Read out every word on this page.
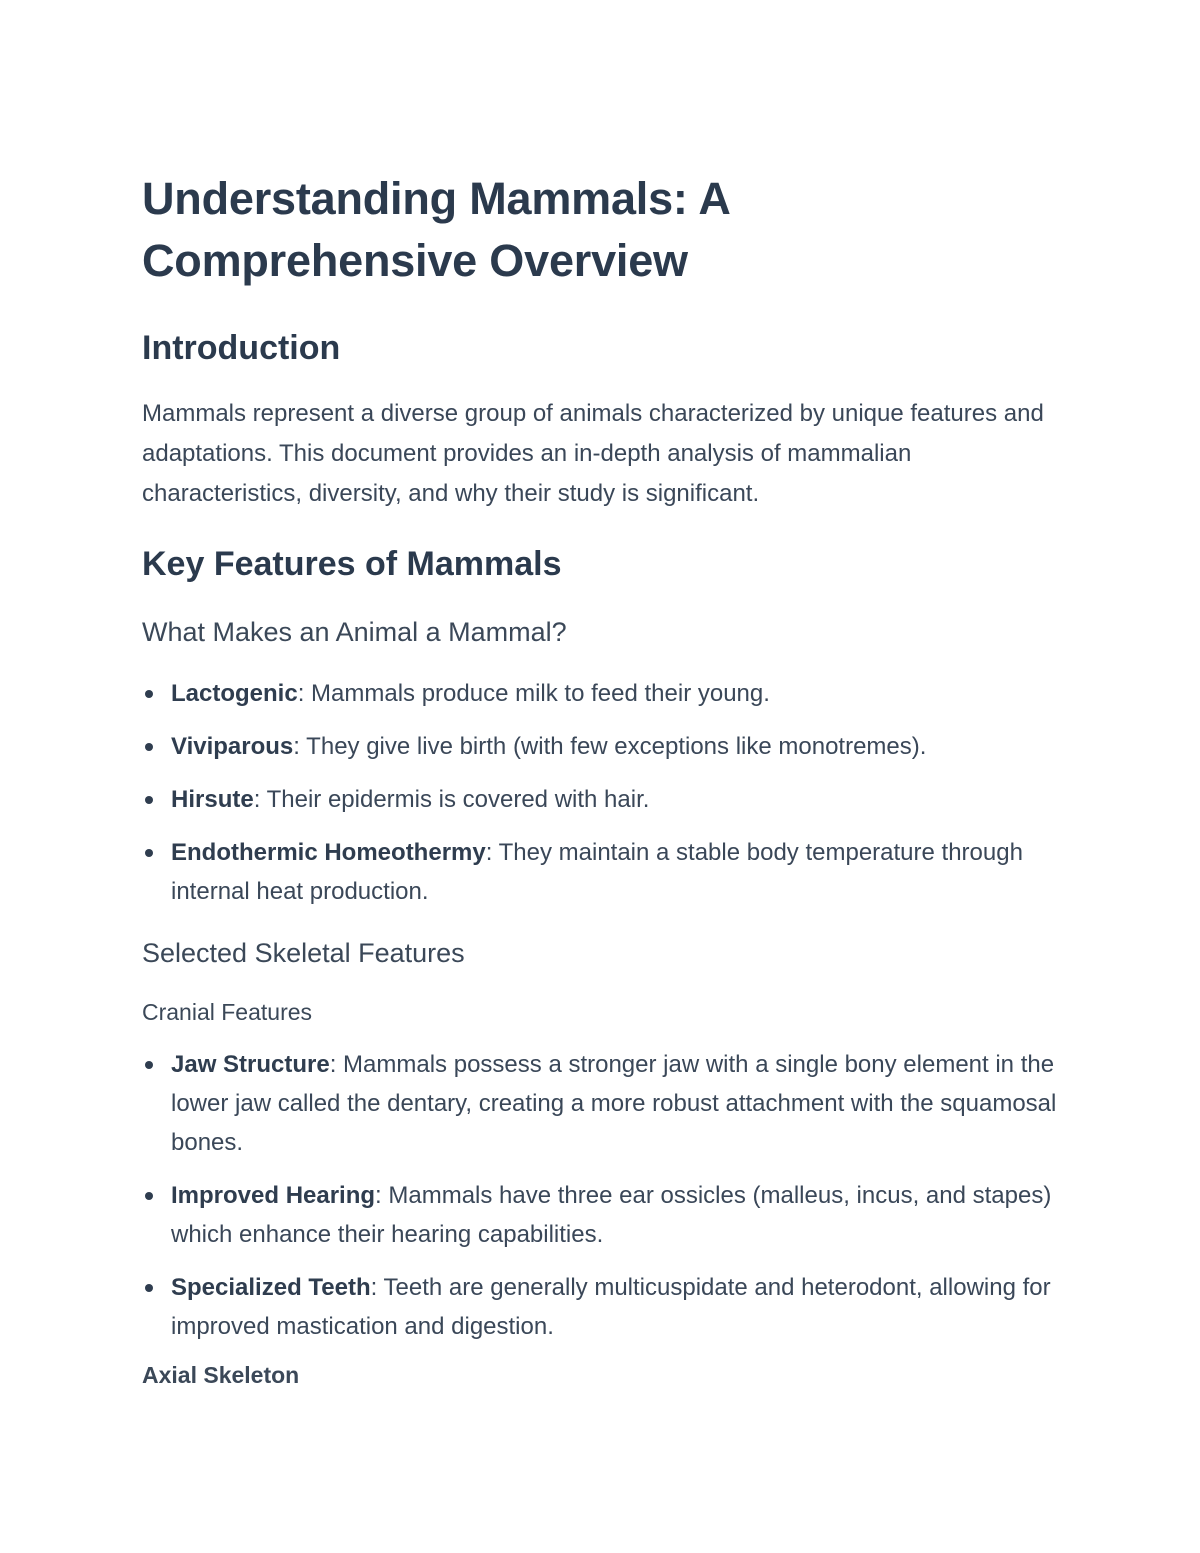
Understanding Mammals: A Comprehensive Overview
Introduction

Mammals represent a diverse group of animals characterized by unique features and adaptations. This document provides an in-depth analysis of mammalian characteristics, diversity, and why their study is significant.

Key Features of Mammals
What Makes an Animal a Mammal?
Lactogenic: Mammals produce milk to feed their young.
Viviparous: They give live birth (with few exceptions like monotremes).
Hirsute: Their epidermis is covered with hair.
Endothermic Homeothermy: They maintain a stable body temperature through internal heat production.
Selected Skeletal Features
Cranial Features
Jaw Structure: Mammals possess a stronger jaw with a single bony element in the lower jaw called the dentary, creating a more robust attachment with the squamosal bones.
Improved Hearing: Mammals have three ear ossicles (malleus, incus, and stapes) which enhance their hearing capabilities.
Specialized Teeth: Teeth are generally multicuspidate and heterodont, allowing for improved mastication and digestion.
Axial Skeleton
